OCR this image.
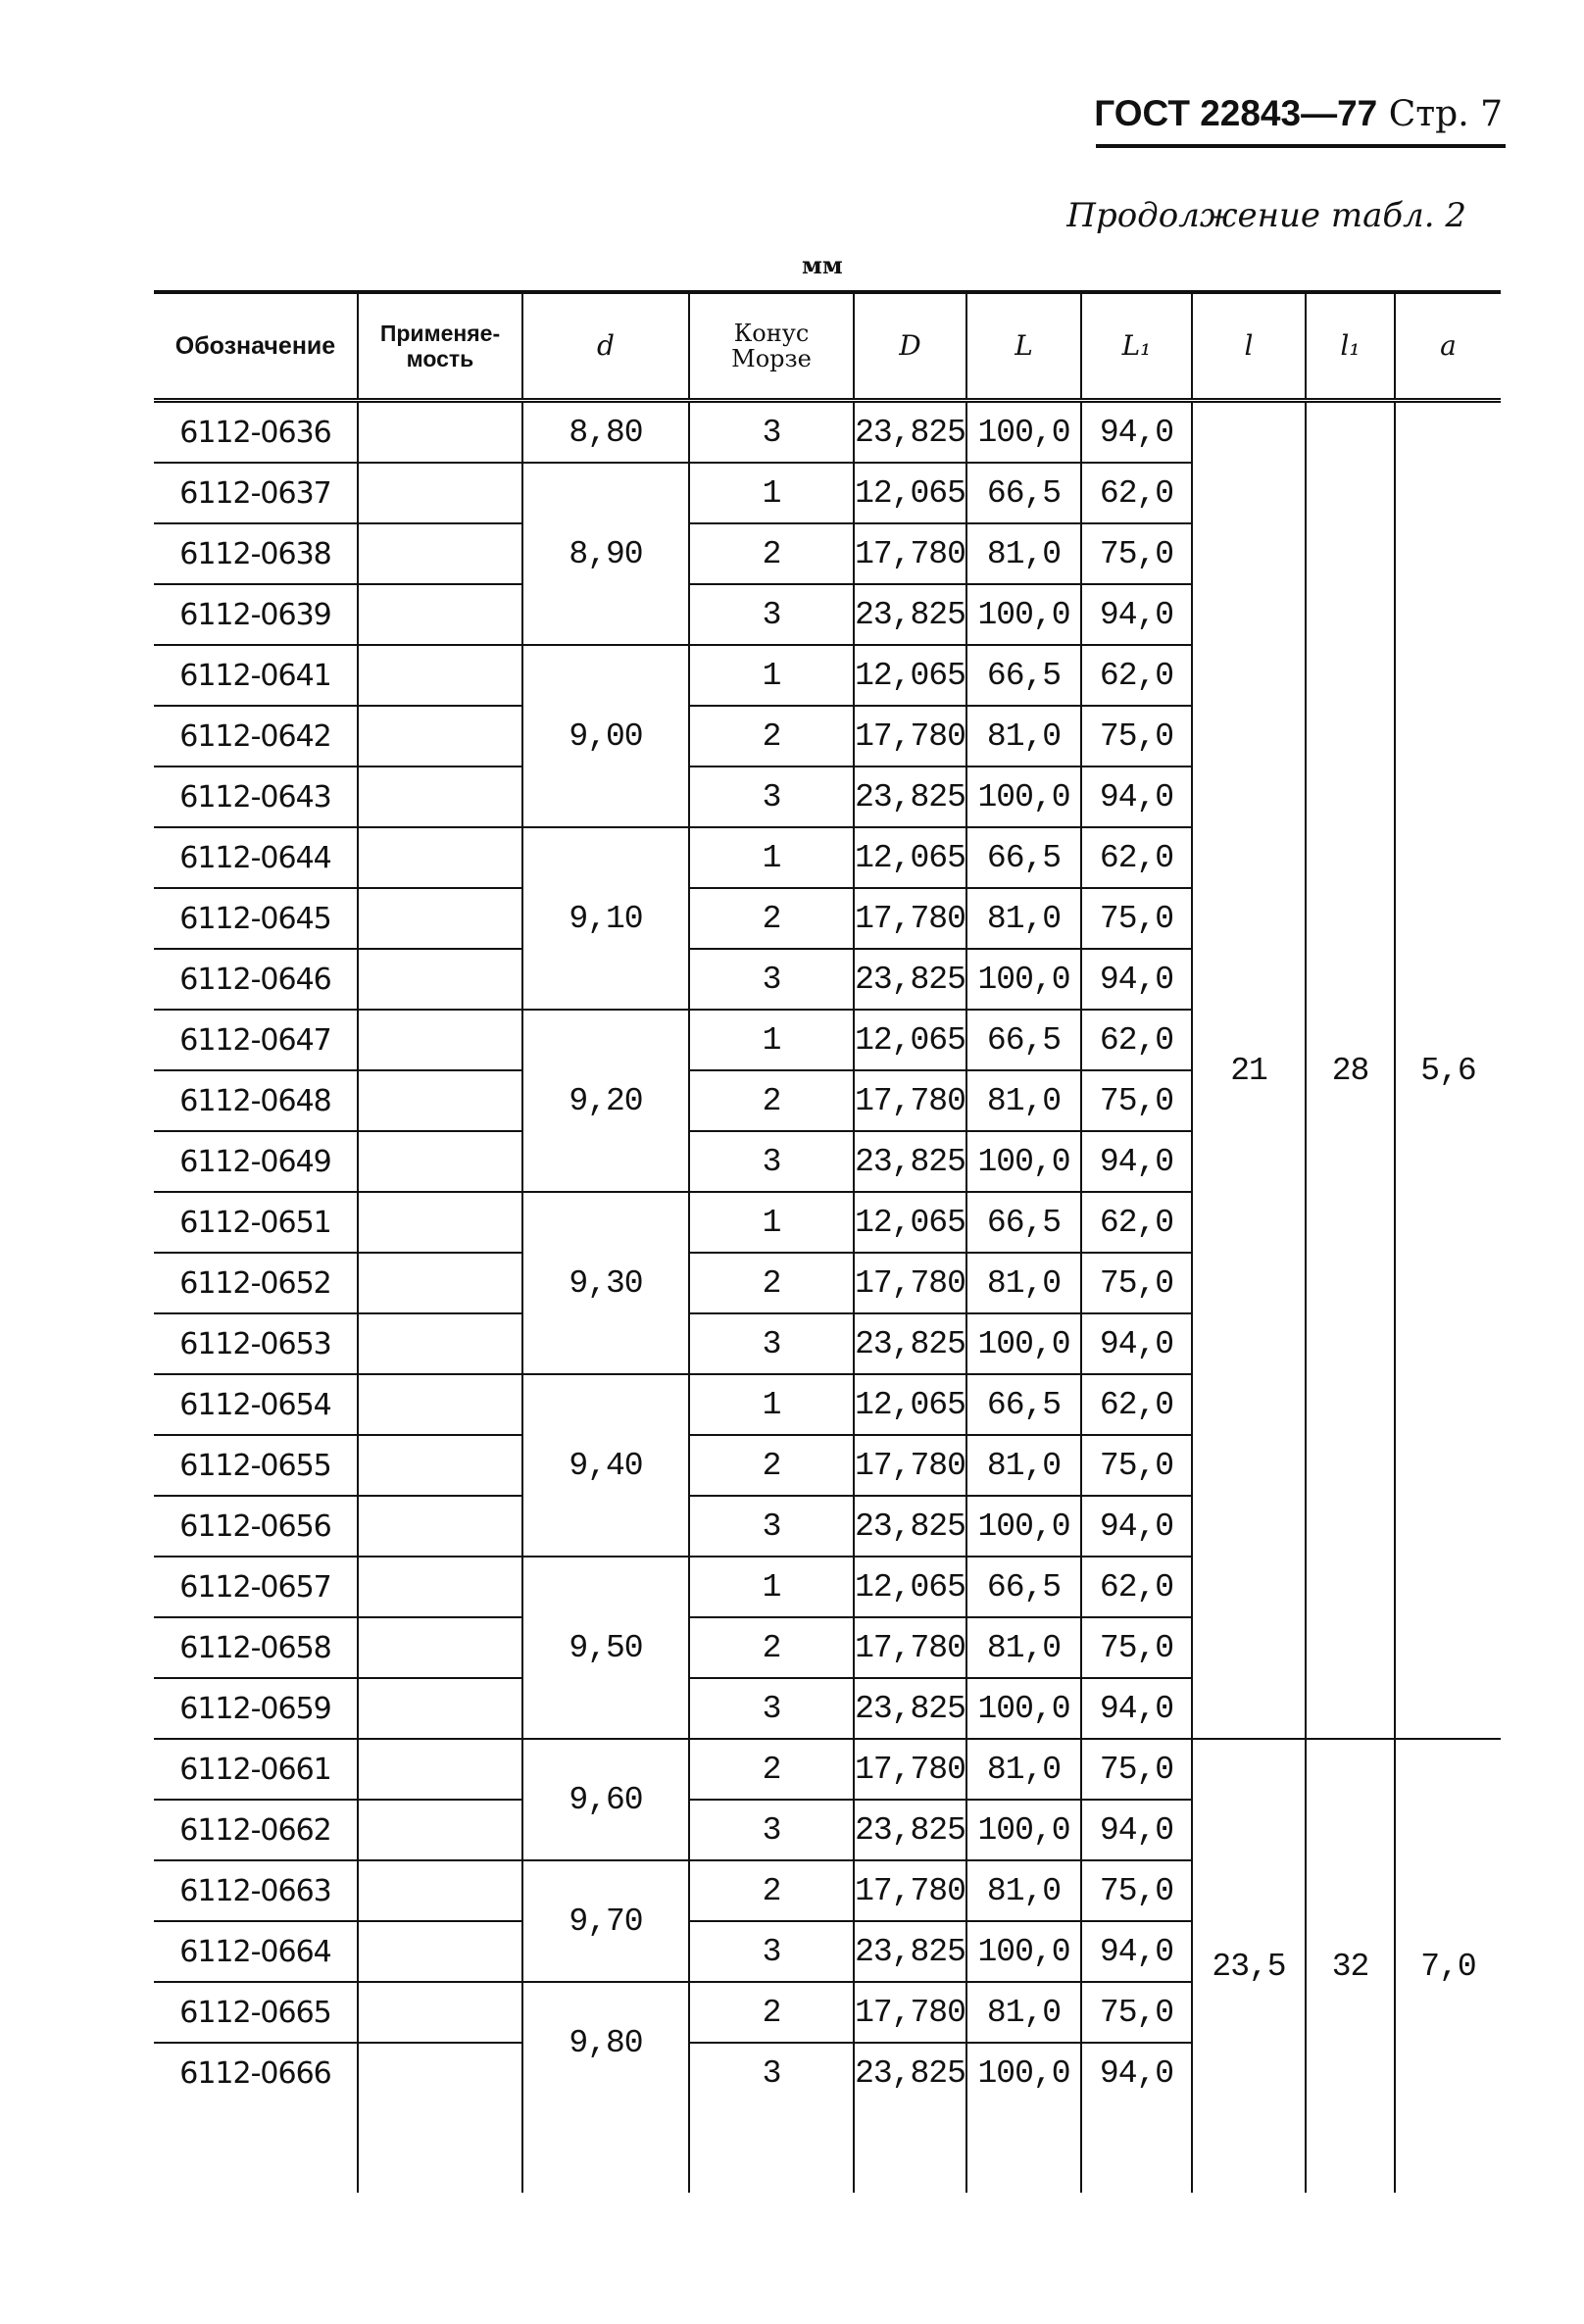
ГОСТ 22843—77 Стр. 7
Продолжение табл. 2
мм
Обозначение	Применяе-мость	d	Конус Морзе	D	L	L₁	l	l₁	a
6112-0636		8,80	3	23,825	100,0	94,0	21	28	5,6
6112-0637		8,90	1	12,065	66,5	62,0			
6112-0638			2	17,780	81,0	75,0			
6112-0639			3	23,825	100,0	94,0			
6112-0641		9,00	1	12,065	66,5	62,0			
6112-0642			2	17,780	81,0	75,0			
6112-0643			3	23,825	100,0	94,0			
6112-0644		9,10	1	12,065	66,5	62,0			
6112-0645			2	17,780	81,0	75,0			
6112-0646			3	23,825	100,0	94,0			
6112-0647		9,20	1	12,065	66,5	62,0			
6112-0648			2	17,780	81,0	75,0			
6112-0649			3	23,825	100,0	94,0			
6112-0651		9,30	1	12,065	66,5	62,0			
6112-0652			2	17,780	81,0	75,0			
6112-0653			3	23,825	100,0	94,0			
6112-0654		9,40	1	12,065	66,5	62,0			
6112-0655			2	17,780	81,0	75,0			
6112-0656			3	23,825	100,0	94,0			
6112-0657		9,50	1	12,065	66,5	62,0			
6112-0658			2	17,780	81,0	75,0			
6112-0659			3	23,825	100,0	94,0			
6112-0661		9,60	2	17,780	81,0	75,0	23,5	32	7,0
6112-0662			3	23,825	100,0	94,0			
6112-0663		9,70	2	17,780	81,0	75,0			
6112-0664			3	23,825	100,0	94,0			
6112-0665		9,80	2	17,780	81,0	75,0			
6112-0666			3	23,825	100,0	94,0			
